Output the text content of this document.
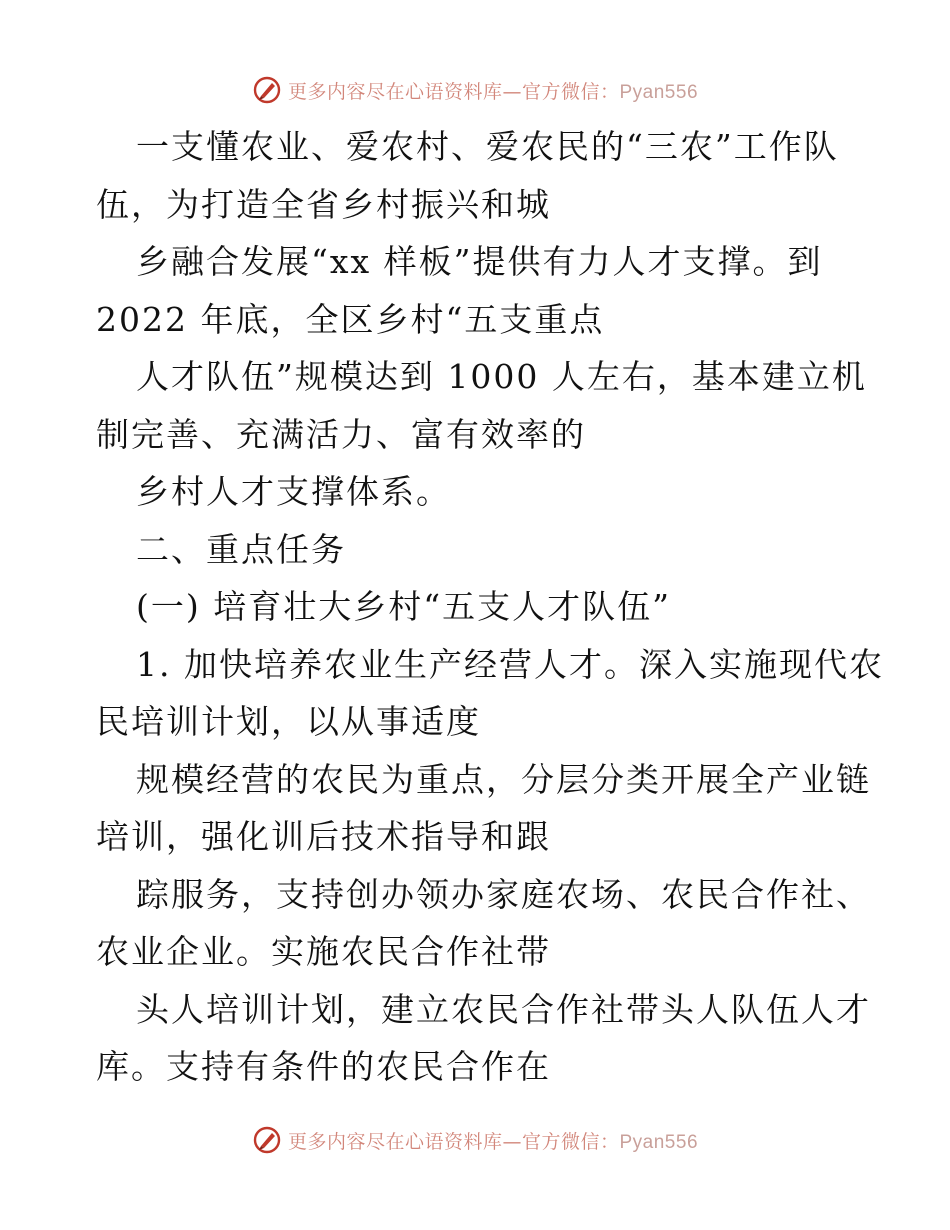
更多内容尽在心语资料库—官方微信：Pyan556
一支懂农业、爱农村、爱农民的“三农”工作队
伍，为打造全省乡村振兴和城
乡融合发展“xx 样板”提供有力人才支撑。到
2022 年底，全区乡村“五支重点
人才队伍”规模达到 1000 人左右，基本建立机
制完善、充满活力、富有效率的
乡村人才支撑体系。
二、重点任务
(一) 培育壮大乡村“五支人才队伍”
1. 加快培养农业生产经营人才。深入实施现代农
民培训计划，以从事适度
规模经营的农民为重点，分层分类开展全产业链
培训，强化训后技术指导和跟
踪服务，支持创办领办家庭农场、农民合作社、
农业企业。实施农民合作社带
头人培训计划，建立农民合作社带头人队伍人才
库。支持有条件的农民合作在
更多内容尽在心语资料库—官方微信：Pyan556
